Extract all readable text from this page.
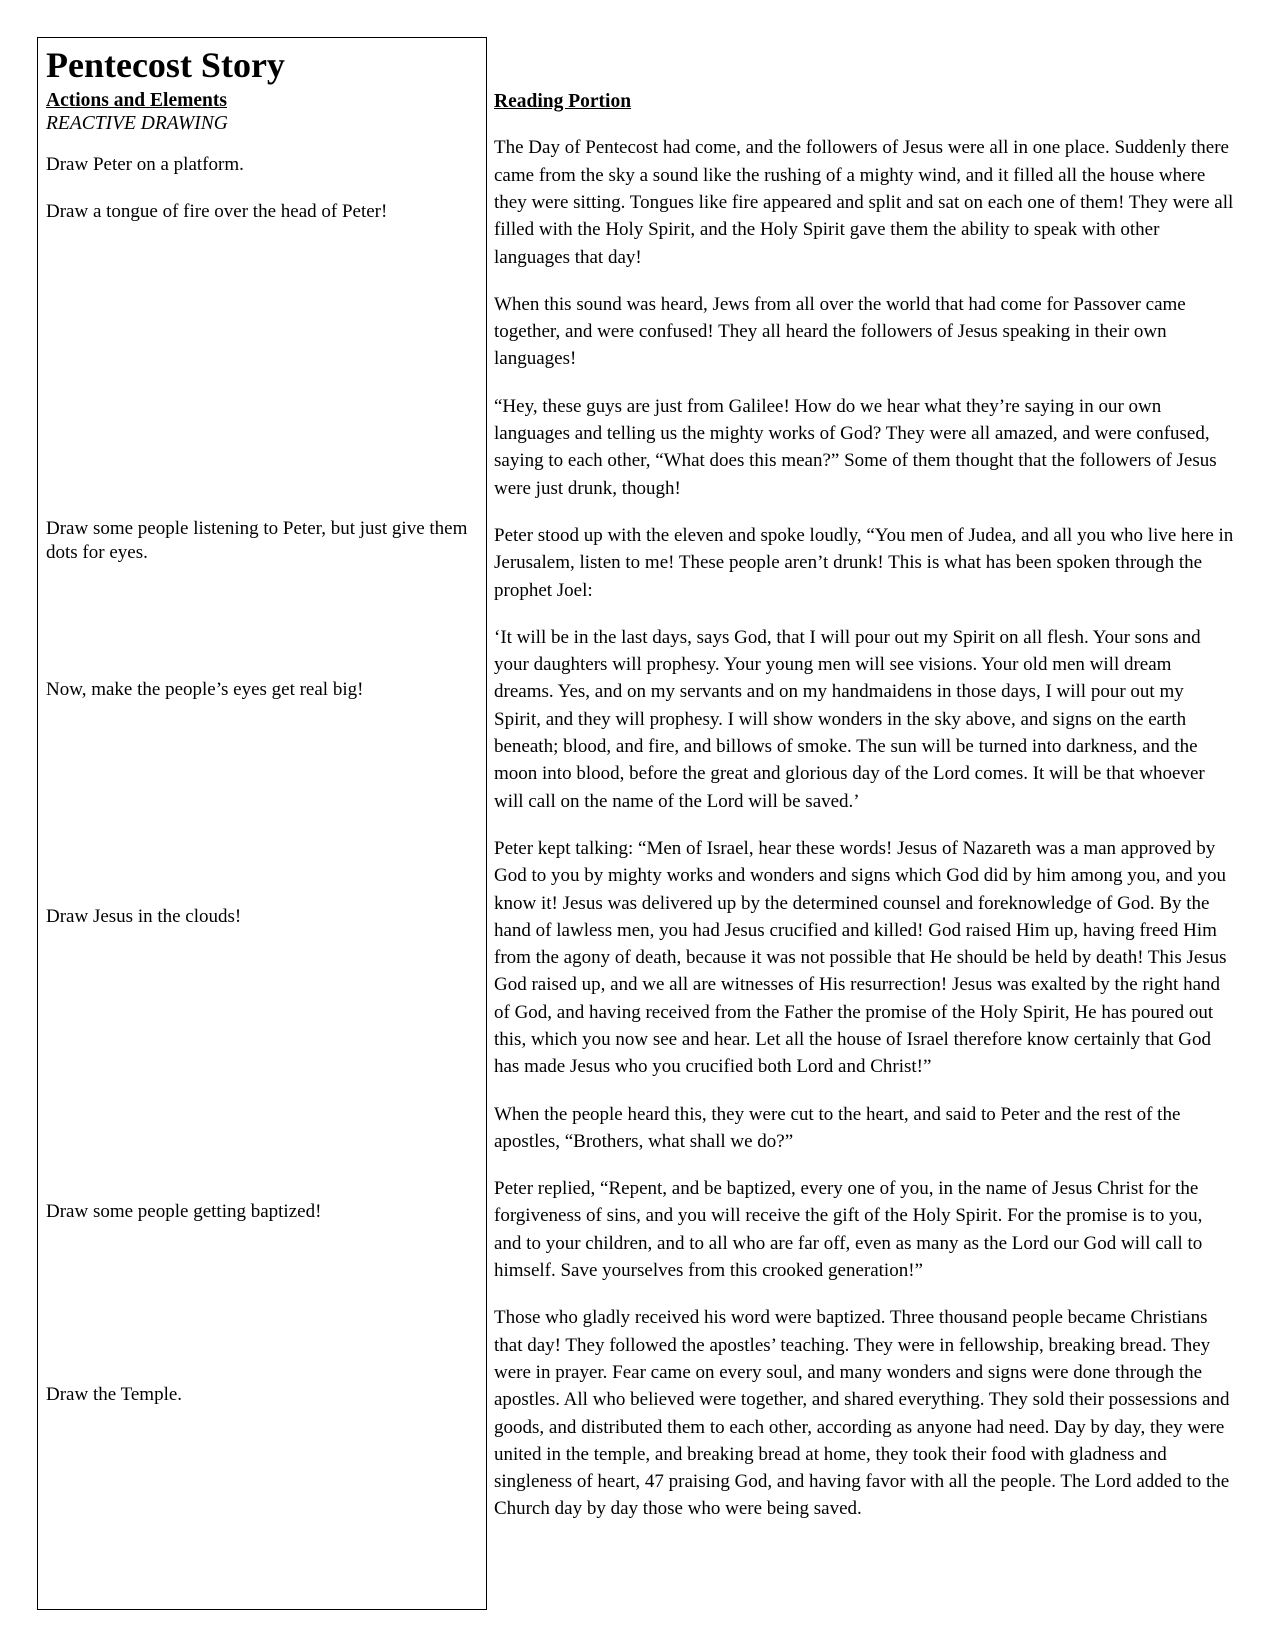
Pentecost Story
Actions and Elements
REACTIVE DRAWING

Draw Peter on a platform.

Draw a tongue of fire over the head of Peter!

Draw some people listening to Peter, but just give them dots for eyes.

Now, make the people’s eyes get real big!

Draw Jesus in the clouds!

Draw some people getting baptized!

Draw the Temple.

Reading Portion

The Day of Pentecost had come, and the followers of Jesus were all in one place. Suddenly there came from the sky a sound like the rushing of a mighty wind, and it filled all the house where they were sitting. Tongues like fire appeared and split and sat on each one of them! They were all filled with the Holy Spirit, and the Holy Spirit gave them the ability to speak with other languages that day!

When this sound was heard, Jews from all over the world that had come for Passover came together, and were confused! They all heard the followers of Jesus speaking in their own languages!

“Hey, these guys are just from Galilee! How do we hear what they’re saying in our own languages and telling us the mighty works of God? They were all amazed, and were confused, saying to each other, “What does this mean?” Some of them thought that the followers of Jesus were just drunk, though!

Peter stood up with the eleven and spoke loudly, “You men of Judea, and all you who live here in Jerusalem, listen to me! These people aren’t drunk! This is what has been spoken through the prophet Joel:

‘It will be in the last days, says God, that I will pour out my Spirit on all flesh. Your sons and your daughters will prophesy. Your young men will see visions. Your old men will dream dreams. Yes, and on my servants and on my handmaidens in those days, I will pour out my Spirit, and they will prophesy. I will show wonders in the sky above, and signs on the earth beneath; blood, and fire, and billows of smoke. The sun will be turned into darkness, and the moon into blood, before the great and glorious day of the Lord comes. It will be that whoever will call on the name of the Lord will be saved.’

Peter kept talking: “Men of Israel, hear these words! Jesus of Nazareth was a man approved by God to you by mighty works and wonders and signs which God did by him among you, and you know it! Jesus was delivered up by the determined counsel and foreknowledge of God. By the hand of lawless men, you had Jesus crucified and killed! God raised Him up, having freed Him from the agony of death, because it was not possible that He should be held by death! This Jesus God raised up, and we all are witnesses of His resurrection! Jesus was exalted by the right hand of God, and having received from the Father the promise of the Holy Spirit, He has poured out this, which you now see and hear. Let all the house of Israel therefore know certainly that God has made Jesus who you crucified both Lord and Christ!”

When the people heard this, they were cut to the heart, and said to Peter and the rest of the apostles, “Brothers, what shall we do?”

Peter replied, “Repent, and be baptized, every one of you, in the name of Jesus Christ for the forgiveness of sins, and you will receive the gift of the Holy Spirit. For the promise is to you, and to your children, and to all who are far off, even as many as the Lord our God will call to himself. Save yourselves from this crooked generation!”

Those who gladly received his word were baptized. Three thousand people became Christians that day! They followed the apostles’ teaching. They were in fellowship, breaking bread. They were in prayer. Fear came on every soul, and many wonders and signs were done through the apostles. All who believed were together, and shared everything. They sold their possessions and goods, and distributed them to each other, according as anyone had need. Day by day, they were united in the temple, and breaking bread at home, they took their food with gladness and singleness of heart, 47 praising God, and having favor with all the people. The Lord added to the Church day by day those who were being saved.
